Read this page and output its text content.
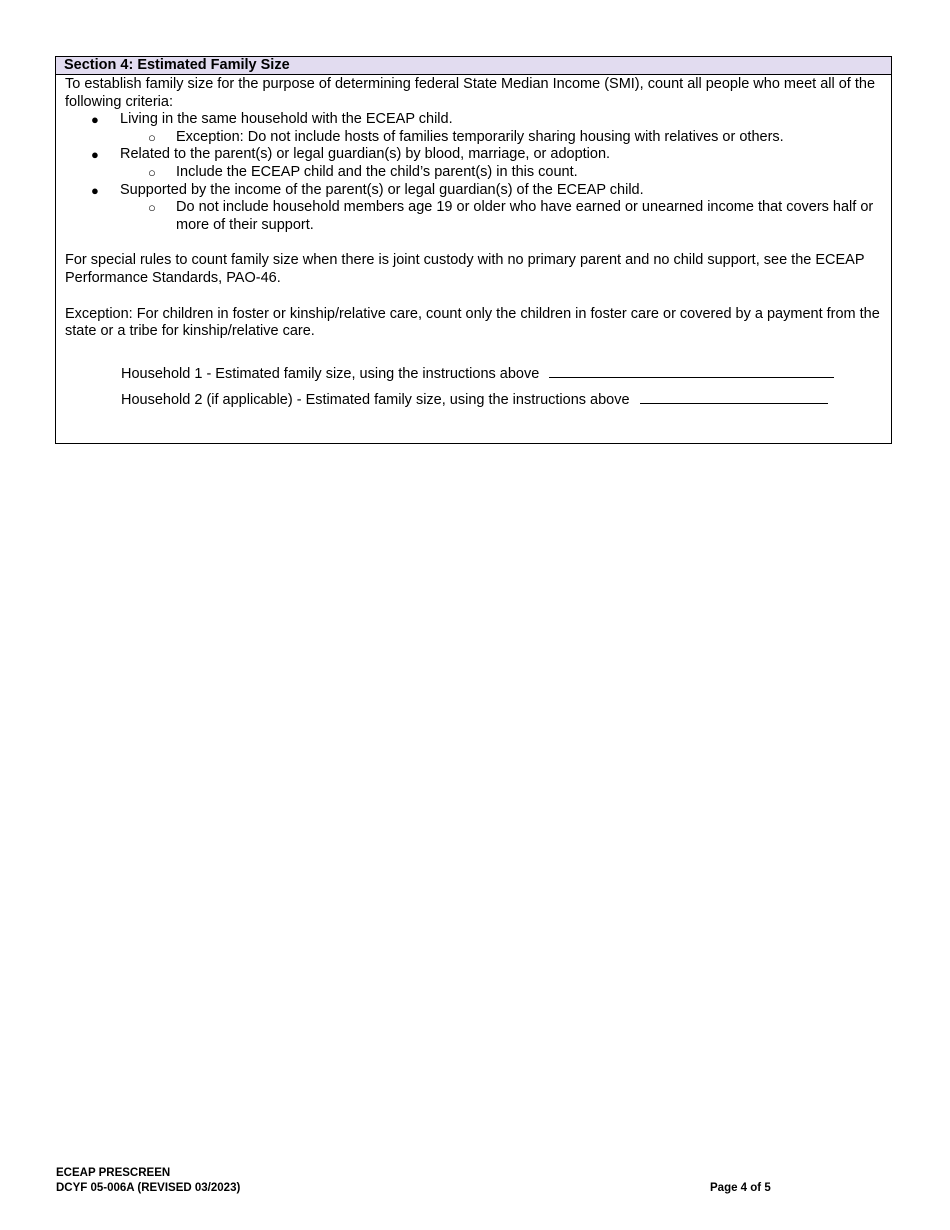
Section 4: Estimated Family Size

To establish family size for the purpose of determining federal State Median Income (SMI), count all people who meet all of the following criteria:

● Living in the same household with the ECEAP child.
○ Exception: Do not include hosts of families temporarily sharing housing with relatives or others.
● Related to the parent(s) or legal guardian(s) by blood, marriage, or adoption.
○ Include the ECEAP child and the child’s parent(s) in this count.
● Supported by the income of the parent(s) or legal guardian(s) of the ECEAP child.
○ Do not include household members age 19 or older who have earned or unearned income that covers half or more of their support.

For special rules to count family size when there is joint custody with no primary parent and no child support, see the ECEAP Performance Standards, PAO-46.

Exception: For children in foster or kinship/relative care, count only the children in foster care or covered by a payment from the state or a tribe for kinship/relative care.

Household 1 - Estimated family size, using the instructions above
Household 2 (if applicable) - Estimated family size, using the instructions above
ECEAP PRESCREEN
DCYF 05-006A (REVISED 03/2023)	Page 4 of 5
